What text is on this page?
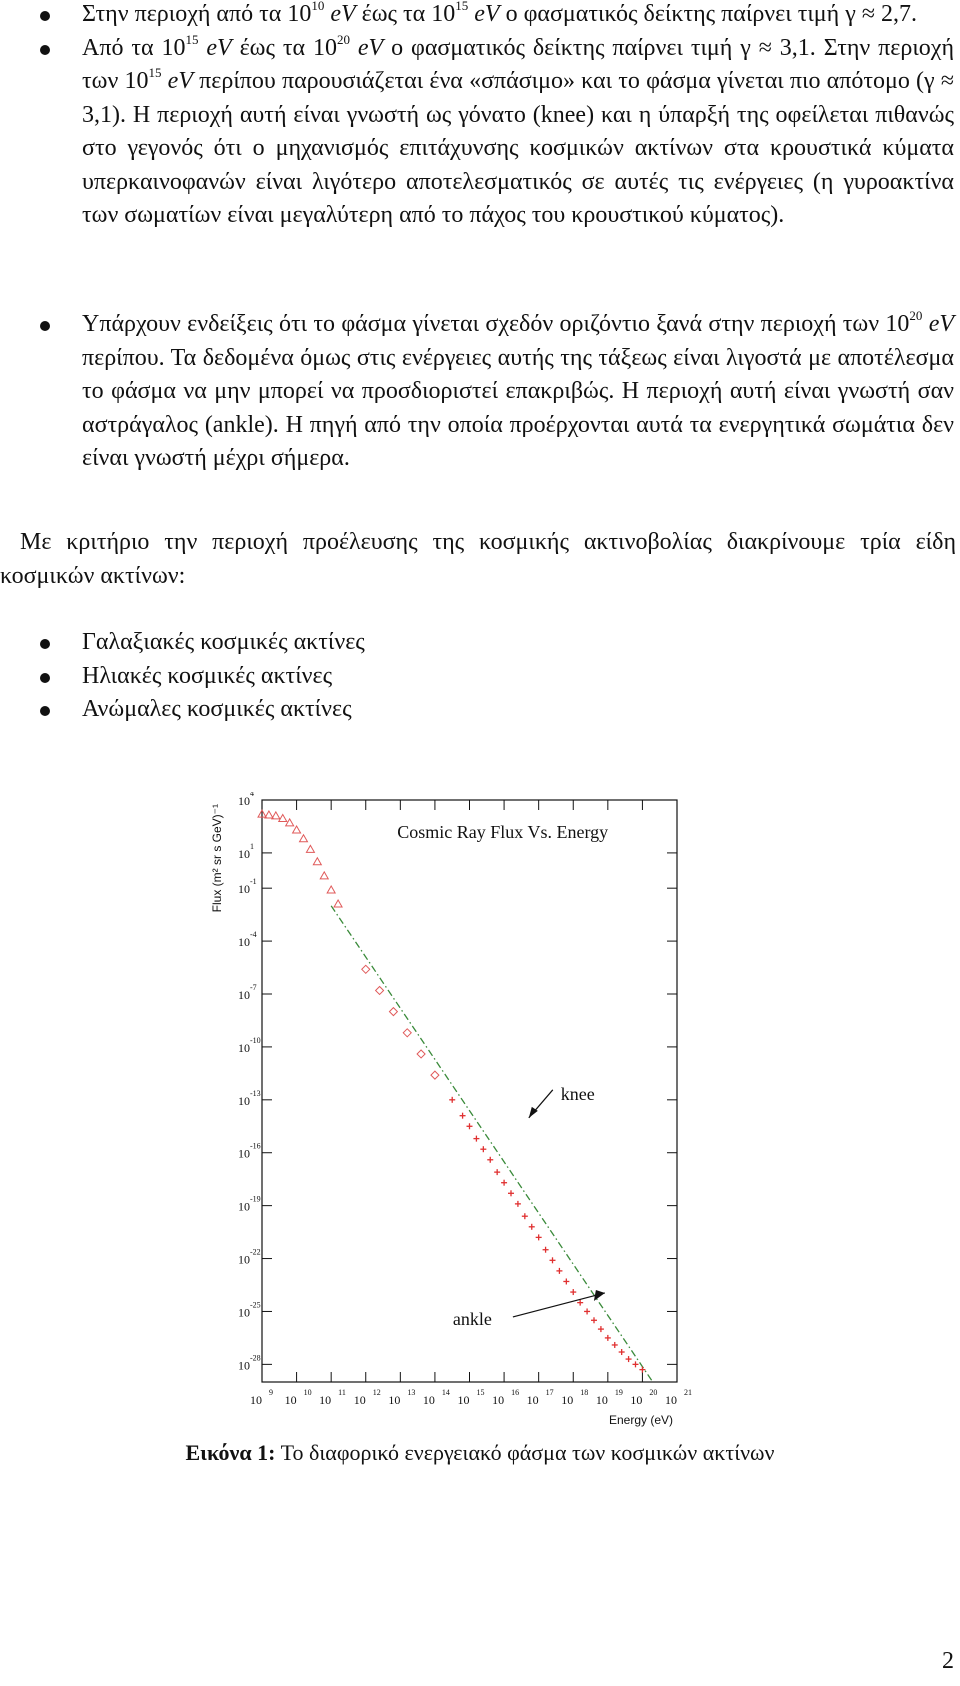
Στην περιοχή από τα $10^{10}$ eV έως τα $10^{15}$ eV ο φασματικός δείκτης παίρνει τιμή γ ≈ 2,7.
Από τα $10^{15}$ eV έως τα $10^{20}$ eV ο φασματικός δείκτης παίρνει τιμή γ ≈ 3,1. Στην περιοχή των $10^{15}$ eV περίπου παρουσιάζεται ένα «σπάσιμο» και το φάσμα γίνεται πιο απότομο (γ ≈ 3,1). Η περιοχή αυτή είναι γνωστή ως γόνατο (knee) και η ύπαρξή της οφείλεται πιθανώς στο γεγονός ότι ο μηχανισμός επιτάχυνσης κοσμικών ακτίνων στα κρουστικά κύματα υπερκαινοφανών είναι λιγότερο αποτελεσματικός σε αυτές τις ενέργειες (η γυροακτίνα των σωματίων είναι μεγαλύτερη από το πάχος του κρουστικού κύματος).
Υπάρχουν ενδείξεις ότι το φάσμα γίνεται σχεδόν οριζόντιο ξανά στην περιοχή των $10^{20}$ eV περίπου. Τα δεδομένα όμως στις ενέργειες αυτής της τάξεως είναι λιγοστά με αποτέλεσμα το φάσμα να μην μπορεί να προσδιοριστεί επακριβώς. Η περιοχή αυτή είναι γνωστή σαν αστράγαλος (ankle). Η πηγή από την οποία προέρχονται αυτά τα ενεργητικά σωμάτια δεν είναι γνωστή μέχρι σήμερα.

Με κριτήριο την περιοχή προέλευσης της κοσμικής ακτινοβολίας διακρίνουμε τρία είδη κοσμικών ακτίνων:

Γαλαξιακές κοσμικές ακτίνες
Ηλιακές κοσμικές ακτίνες
Ανώμαλες κοσμικές ακτίνες
10
9
10
10
10
11
10
12
10
13
10
14
10
15
10
16
10
17
10
18
10
19
10
20
10
21
10
4
10
1
10
-1
10
-4
10
-7
10
-10
10
-13
10
-16
10
-19
10
-22
10
-25
10
-28
Cosmic Ray Flux Vs. Energy
Energy (eV)
Flux (m² sr s GeV)⁻¹
knee
ankle
Εικόνα 1: Το διαφορικό ενεργειακό φάσμα των κοσμικών ακτίνων
2
